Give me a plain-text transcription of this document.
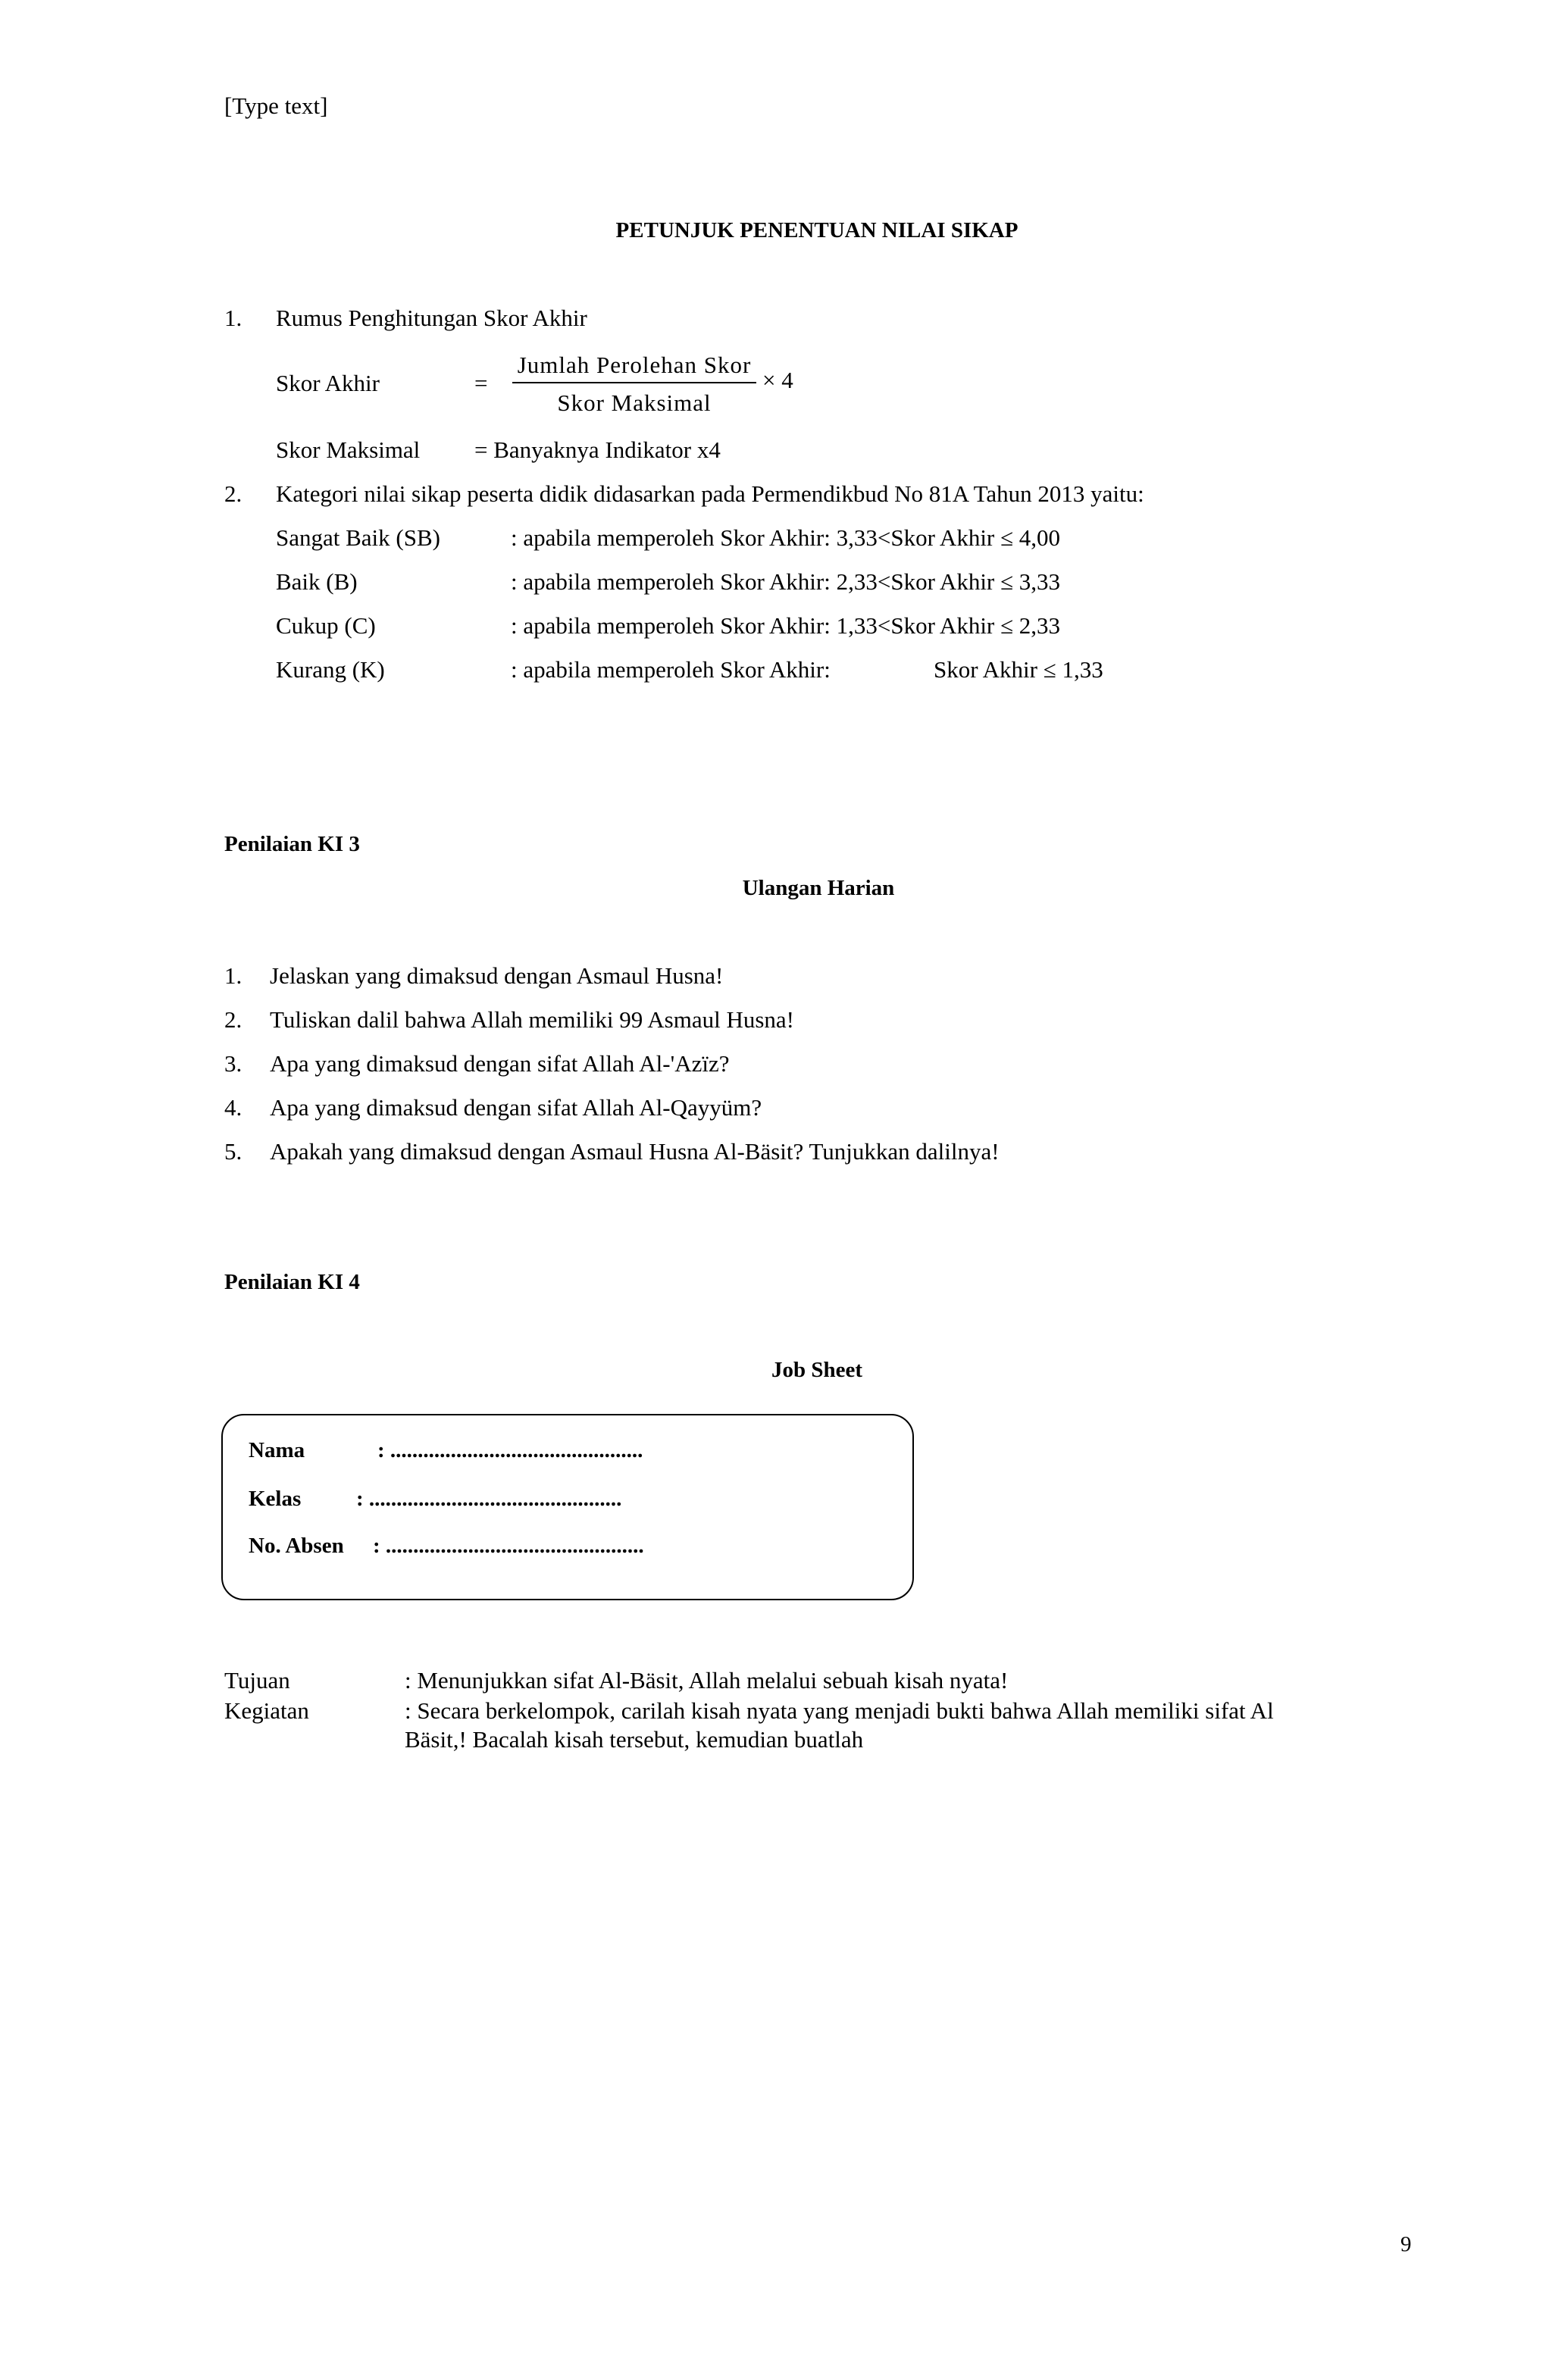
[Type text]
PETUNJUK PENENTUAN NILAI SIKAP
1. Rumus Penghitungan Skor Akhir
Skor Akhir	=
Jumlah Perolehan Skor
Skor Maksimal
× 4
Skor Maksimal = Banyaknya Indikator x4
2. Kategori nilai sikap peserta didik didasarkan pada Permendikbud No 81A Tahun 2013 yaitu:
Sangat Baik (SB)	: apabila memperoleh Skor Akhir: 3,33<Skor Akhir ≤ 4,00
Baik (B)	: apabila memperoleh Skor Akhir: 2,33<Skor Akhir ≤ 3,33
Cukup (C)	: apabila memperoleh Skor Akhir: 1,33<Skor Akhir ≤ 2,33
Kurang (K)	: apabila memperoleh Skor Akhir:	Skor Akhir ≤ 1,33
Penilaian KI 3
Ulangan Harian
1. Jelaskan yang dimaksud dengan Asmaul Husna!
2. Tuliskan dalil bahwa Allah memiliki 99 Asmaul Husna!
3. Apa yang dimaksud dengan sifat Allah Al-'Azïz?
4. Apa yang dimaksud dengan sifat Allah Al-Qayyüm?
5. Apakah yang dimaksud dengan Asmaul Husna Al-Bäsit? Tunjukkan dalilnya!
Penilaian KI 4
Job Sheet
Nama	: ..............................................
Kelas	: ..............................................
No. Absen : ...............................................
Tujuan	: Menunjukkan sifat Al-Bäsit, Allah melalui sebuah kisah nyata!
Kegiatan	: Secara berkelompok, carilah kisah nyata yang menjadi bukti bahwa Allah memiliki sifat Al
Bäsit,! Bacalah kisah tersebut, kemudian buatlah
9
